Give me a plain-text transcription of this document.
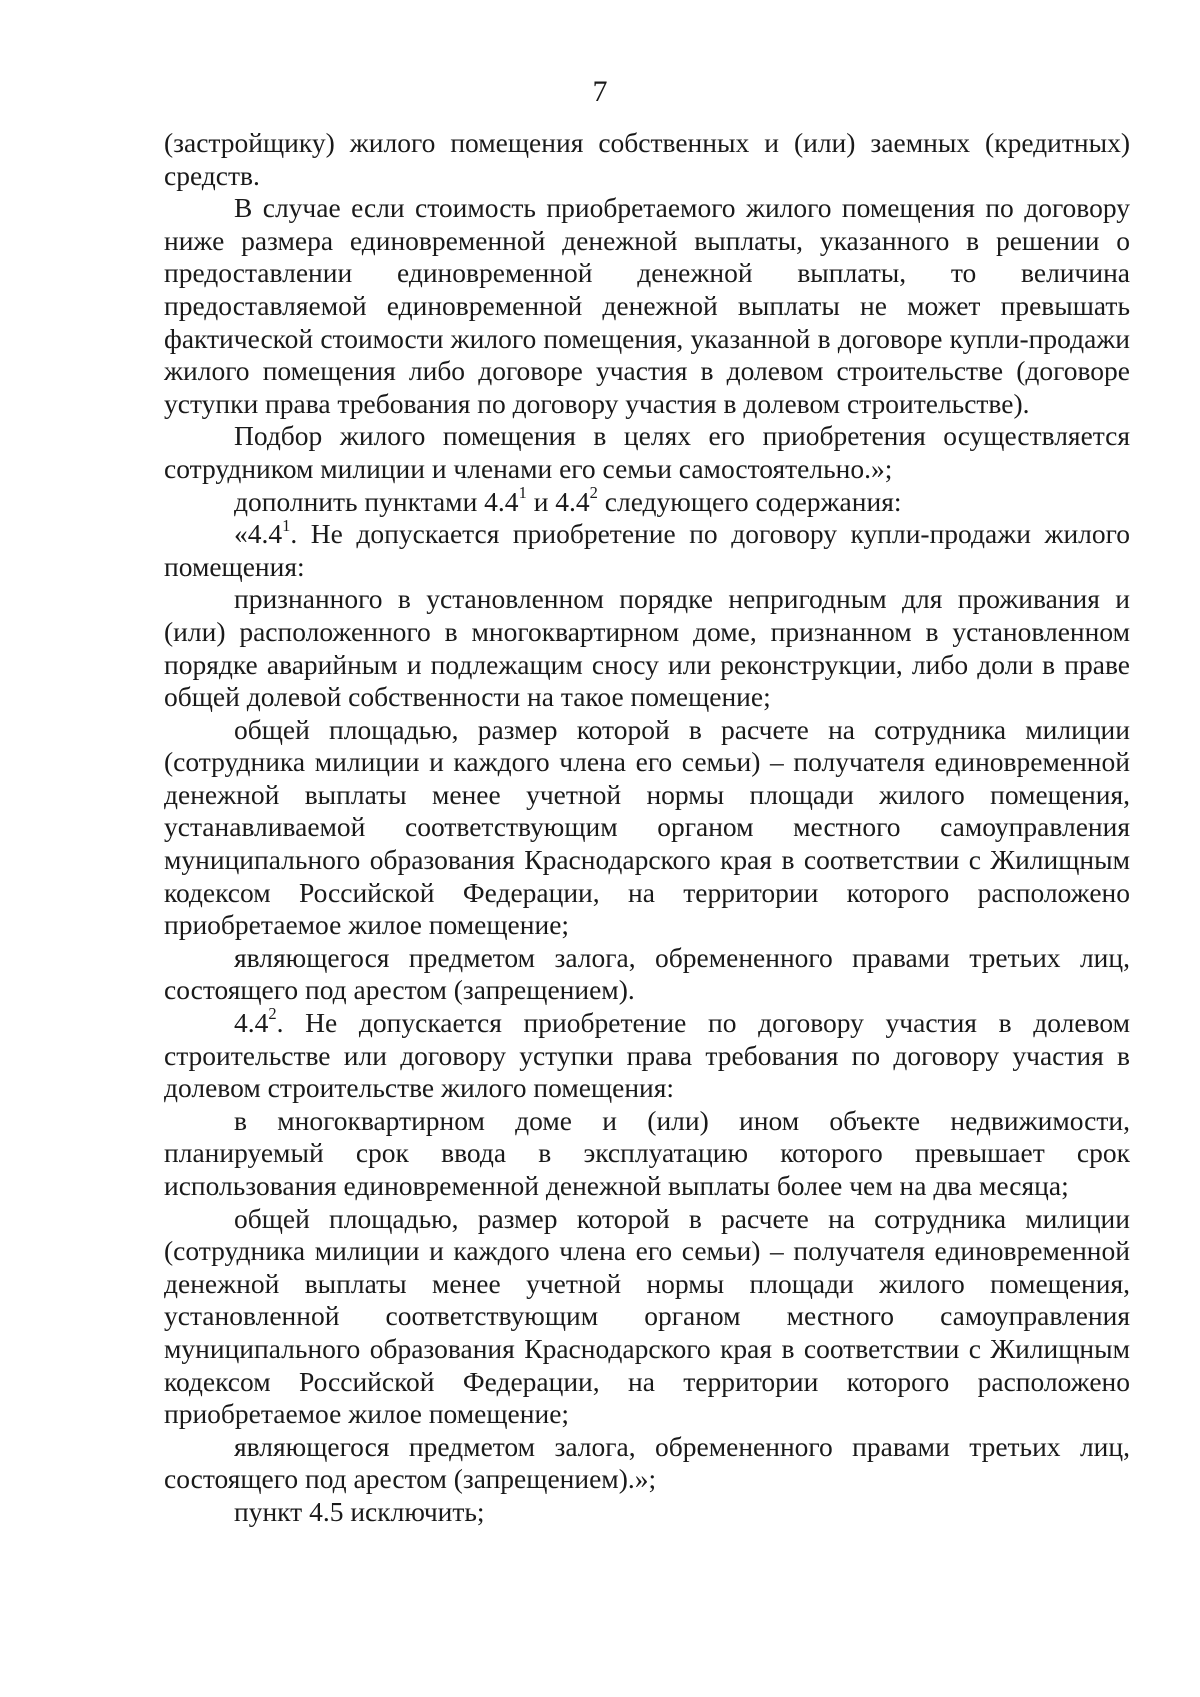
7

(застройщику) жилого помещения собственных и (или) заемных (кредитных) средств.

В случае если стоимость приобретаемого жилого помещения по договору ниже размера единовременной денежной выплаты, указанного в решении о предоставлении единовременной денежной выплаты, то величина предоставляемой единовременной денежной выплаты не может превышать фактической стоимости жилого помещения, указанной в договоре купли-продажи жилого помещения либо договоре участия в долевом строительстве (договоре уступки права требования по договору участия в долевом строительстве).

Подбор жилого помещения в целях его приобретения осуществляется сотрудником милиции и членами его семьи самостоятельно.»;

дополнить пунктами $4.4^1$ и $4.4^2$ следующего содержания:

«$4.4^1$. Не допускается приобретение по договору купли-продажи жилого помещения:

признанного в установленном порядке непригодным для проживания и (или) расположенного в многоквартирном доме, признанном в установленном порядке аварийным и подлежащим сносу или реконструкции, либо доли в праве общей долевой собственности на такое помещение;

общей площадью, размер которой в расчете на сотрудника милиции (сотрудника милиции и каждого члена его семьи) – получателя единовременной денежной выплаты менее учетной нормы площади жилого помещения, устанавливаемой соответствующим органом местного самоуправления муниципального образования Краснодарского края в соответствии с Жилищным кодексом Российской Федерации, на территории которого расположено приобретаемое жилое помещение;

являющегося предметом залога, обремененного правами третьих лиц, состоящего под арестом (запрещением).

$4.4^2$. Не допускается приобретение по договору участия в долевом строительстве или договору уступки права требования по договору участия в долевом строительстве жилого помещения:

в многоквартирном доме и (или) ином объекте недвижимости, планируемый срок ввода в эксплуатацию которого превышает срок использования единовременной денежной выплаты более чем на два месяца;

общей площадью, размер которой в расчете на сотрудника милиции (сотрудника милиции и каждого члена его семьи) – получателя единовременной денежной выплаты менее учетной нормы площади жилого помещения, установленной соответствующим органом местного самоуправления муниципального образования Краснодарского края в соответствии с Жилищным кодексом Российской Федерации, на территории которого расположено приобретаемое жилое помещение;

являющегося предметом залога, обремененного правами третьих лиц, состоящего под арестом (запрещением).»;

пункт 4.5 исключить;
